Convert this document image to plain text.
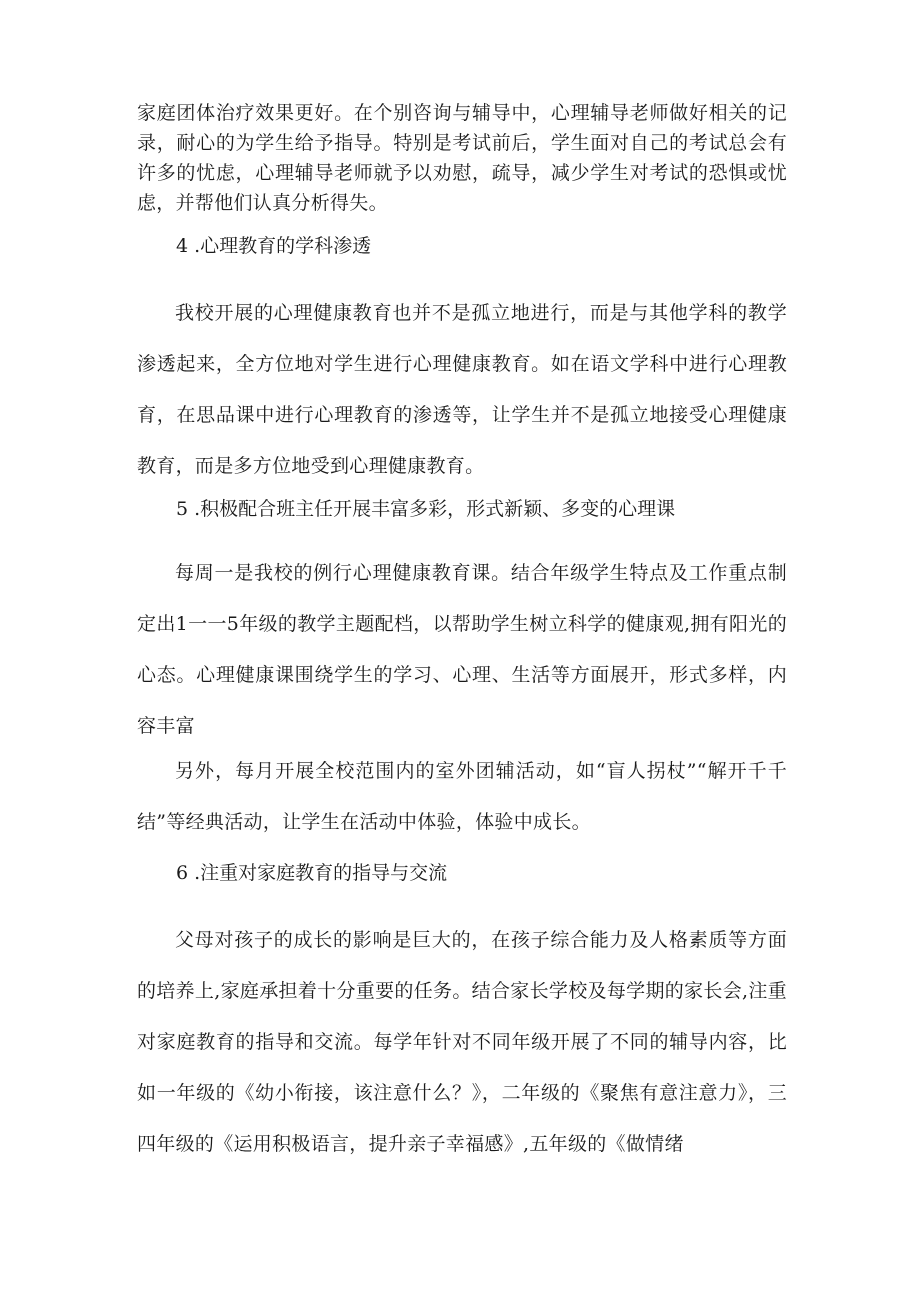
家庭团体治疗效果更好。在个别咨询与辅导中，心理辅导老师做好相关的记录，耐心的为学生给予指导。特别是考试前后，学生面对自己的考试总会有许多的忧虑，心理辅导老师就予以劝慰，疏导，减少学生对考试的恐惧或忧虑，并帮他们认真分析得失。

4 .心理教育的学科渗透

我校开展的心理健康教育也并不是孤立地进行，而是与其他学科的教学渗透起来，全方位地对学生进行心理健康教育。如在语文学科中进行心理教育，在思品课中进行心理教育的渗透等，让学生并不是孤立地接受心理健康教育，而是多方位地受到心理健康教育。

5 .积极配合班主任开展丰富多彩，形式新颖、多变的心理课

每周一是我校的例行心理健康教育课。结合年级学生特点及工作重点制定出1一一5年级的教学主题配档，以帮助学生树立科学的健康观,拥有阳光的心态。心理健康课围绕学生的学习、心理、生活等方面展开，形式多样，内容丰富

另外，每月开展全校范围内的室外团辅活动，如“盲人拐杖”“解开千千结”等经典活动，让学生在活动中体验，体验中成长。

6 .注重对家庭教育的指导与交流

父母对孩子的成长的影响是巨大的，在孩子综合能力及人格素质等方面的培养上,家庭承担着十分重要的任务。结合家长学校及每学期的家长会,注重对家庭教育的指导和交流。每学年针对不同年级开展了不同的辅导内容，比如一年级的《幼小衔接，该注意什么？》，二年级的《聚焦有意注意力》，三四年级的《运用积极语言，提升亲子幸福感》,五年级的《做情绪
